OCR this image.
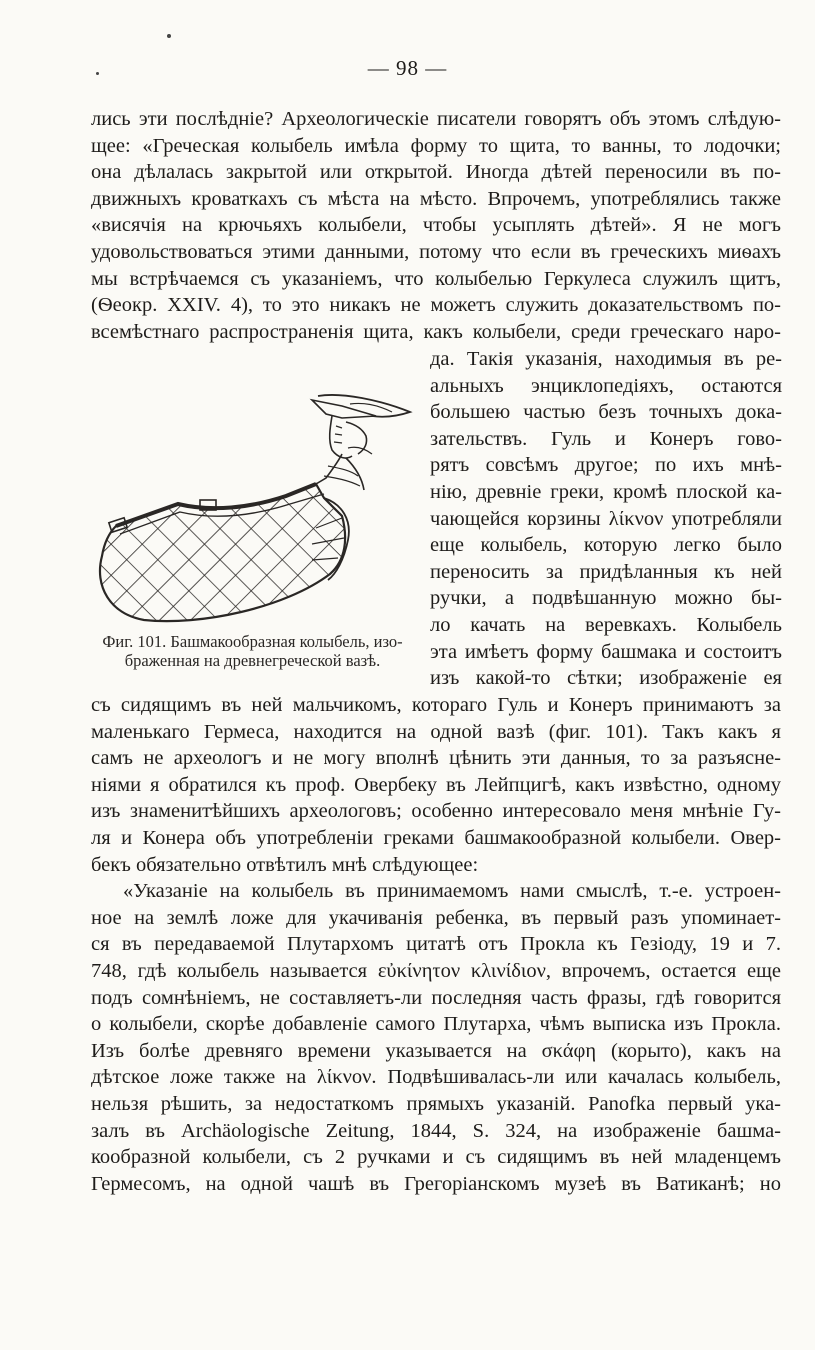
— 98 —
лись эти послѣдніе? Археологическіе писатели говорятъ объ этомъ слѣдую-
щее: «Греческая колыбель имѣла форму то щита, то ванны, то лодочки;
она дѣлалась закрытой или открытой. Иногда дѣтей переносили въ по-
движныхъ кроваткахъ съ мѣста на мѣсто. Впрочемъ, употреблялись также
«висячія на крючьяхъ колыбели, чтобы усыплять дѣтей». Я не могъ
удовольствоваться этими данными, потому что если въ греческихъ миѳахъ
мы встрѣчаемся съ указаніемъ, что колыбелью Геркулеса служилъ щитъ,
(Ѳеокр. XXIV. 4), то это никакъ не можетъ служить доказательствомъ по-
всемѣстнаго распространенія щита, какъ колыбели, среди греческаго наро-
да. Такія указанія, находимыя въ ре-
альныхъ энциклопедіяхъ, остаются
большею частью безъ точныхъ дока-
зательствъ. Гуль и Конеръ гово-
рятъ совсѣмъ другое; по ихъ мнѣ-
нію, древніе греки, кромѣ плоской ка-
чающейся корзины λίκνον употребляли
еще колыбель, которую легко было
переносить за придѣланныя къ ней
ручки, а подвѣшанную можно бы-
ло качать на веревкахъ. Колыбель
эта имѣетъ форму башмака и состоитъ
изъ какой-то сѣтки; изображеніе ея
Фиг. 101. Башмакообразная колыбель, изо-
браженная на древнегреческой вазѣ.
съ сидящимъ въ ней мальчикомъ, котораго Гуль и Конеръ принимаютъ за
маленькаго Гермеса, находится на одной вазѣ (фиг. 101). Такъ какъ я
самъ не археологъ и не могу вполнѣ цѣнить эти данныя, то за разъясне-
ніями я обратился къ проф. Овербеку въ Лейпцигѣ, какъ извѣстно, одному
изъ знаменитѣйшихъ археологовъ; особенно интересовало меня мнѣніе Гу-
ля и Конера объ употребленіи греками башмакообразной колыбели. Овер-
бекъ обязательно отвѣтилъ мнѣ слѣдующее:
«Указаніе на колыбель въ принимаемомъ нами смыслѣ, т.-е. устроен-
ное на землѣ ложе для укачиванія ребенка, въ первый разъ упоминает-
ся въ передаваемой Плутархомъ цитатѣ отъ Прокла къ Гезіоду, 19 и 7.
748, гдѣ колыбель называется εὐκίνητον κλινίδιον, впрочемъ, остается еще
подъ сомнѣніемъ, не составляетъ-ли последняя часть фразы, гдѣ говорится
о колыбели, скорѣе добавленіе самого Плутарха, чѣмъ выписка изъ Прокла.
Изъ болѣе древняго времени указывается на σκάφη (корыто), какъ на
дѣтское ложе также на λίκνον. Подвѣшивалась-ли или качалась колыбель,
нельзя рѣшить, за недостаткомъ прямыхъ указаній. Panofka первый ука-
залъ въ Archäologische Zeitung, 1844, S. 324, на изображеніе башма-
кообразной колыбели, съ 2 ручками и съ сидящимъ въ ней младенцемъ
Гермесомъ, на одной чашѣ въ Грегоріанскомъ музеѣ въ Ватиканѣ; но
